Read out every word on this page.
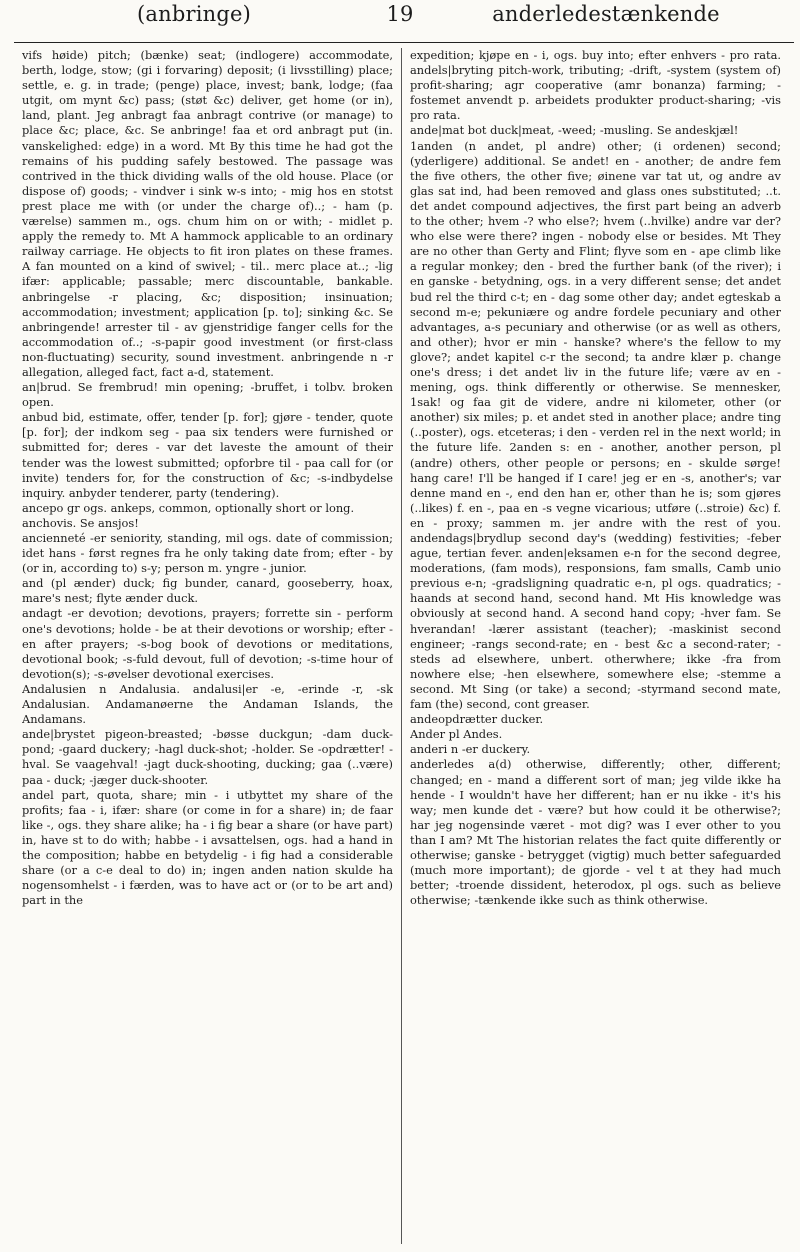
(anbringe)	19	anderledestænkende

vifs høide) pitch; (bænke) seat; (indlogere) accommodate, berth, lodge, stow; (gi i forvaring) deposit; (i livsstilling) place; settle, e. g. in trade; (penge) place, invest; bank, lodge; (faa utgit, om mynt &c) pass; (støt &c) deliver, get home (or in), land, plant. Jeg anbragt faa anbragt contrive (or manage) to place &c; place, &c. Se anbringe! faa et ord anbragt put (in. vanskelighed: edge) in a word. Mt By this time he had got the remains of his pudding safely bestowed. The passage was contrived in the thick dividing walls of the old house. Place (or dispose of) goods; - vindver i sink w-s into; - mig hos en stotst prest place me with (or under the charge of)..; - ham (p. værelse) sammen m., ogs. chum him on or with; - midlet p. apply the remedy to. Mt A hammock applicable to an ordinary railway carriage. He objects to fit iron plates on these frames. A fan mounted on a kind of swivel; - til.. merc place at..; -lig ifær: applicable; passable; merc discountable, bankable. anbringelse -r placing, &c; disposition; insinuation; accommodation; investment; application [p. to]; sinking &c. Se anbringende! arrester til - av gjenstridige fanger cells for the accommodation of..; -s-papir good investment (or first-class non-fluctuating) security, sound investment. anbringende n -r allegation, alleged fact, fact a-d, statement.

an|brud. Se frembrud! min opening; -bruffet, i tolbv. broken open.

anbud bid, estimate, offer, tender [p. for]; gjøre - tender, quote [p. for]; der indkom seg - paa six tenders were furnished or submitted for; deres - var det laveste the amount of their tender was the lowest submitted; opforbre til - paa call for (or invite) tenders for, for the construction of &c; -s-indbydelse inquiry. anbyder tenderer, party (tendering).

ancepo gr ogs. ankeps, common, optionally short or long.

anchovis. Se ansjos!

ancienneté -er seniority, standing, mil ogs. date of commission; idet hans - først regnes fra he only taking date from; efter - by (or in, according to) s-y; person m. yngre - junior.

and (pl ænder) duck; fig bunder, canard, gooseberry, hoax, mare's nest; flyte ænder duck.

andagt -er devotion; devotions, prayers; forrette sin - perform one's devotions; holde - be at their devotions or worship; efter -en after prayers; -s-bog book of devotions or meditations, devotional book; -s-fuld devout, full of devotion; -s-time hour of devotion(s); -s-øvelser devotional exercises.

Andalusien n Andalusia. andalusi|er -e, -erinde -r, -sk Andalusian. Andamanøerne the Andaman Islands, the Andamans.

ande|brystet pigeon-breasted; -bøsse duckgun; -dam duck-pond; -gaard duckery; -hagl duck-shot; -holder. Se -opdrætter! -hval. Se vaagehval! -jagt duck-shooting, ducking; gaa (..være) paa - duck; -jæger duck-shooter.

andel part, quota, share; min - i utbyttet my share of the profits; faa - i, ifær: share (or come in for a share) in; de faar like -, ogs. they share alike; ha - i fig bear a share (or have part) in, have st to do with; habbe - i avsattelsen, ogs. had a hand in the composition; habbe en betydelig - i fig had a considerable share (or a c-e deal to do) in; ingen anden nation skulde ha nogensomhelst - i færden, was to have act or (or to be art and) part in the

expedition; kjøpe en - i, ogs. buy into; efter enhvers - pro rata. andels|bryting pitch-work, tributing; -drift, -system (system of) profit-sharing; agr cooperative (amr bonanza) farming; -fostemet anvendt p. arbeidets produkter product-sharing; -vis pro rata.

ande|mat bot duck|meat, -weed; -musling. Se andeskjæl!

1anden (n andet, pl andre) other; (i ordenen) second; (yderligere) additional. Se andet! en - another; de andre fem the five others, the other five; øinene var tat ut, og andre av glas sat ind, had been removed and glass ones substituted; ..t. det andet compound adjectives, the first part being an adverb to the other; hvem -? who else?; hvem (..hvilke) andre var der? who else were there? ingen - nobody else or besides. Mt They are no other than Gerty and Flint; flyve som en - ape climb like a regular monkey; den - bred the further bank (of the river); i en ganske - betydning, ogs. in a very different sense; det andet bud rel the third c-t; en - dag some other day; andet egteskab a second m-e; pekuniære og andre fordele pecuniary and other advantages, a-s pecuniary and otherwise (or as well as others, and other); hvor er min - hanske? where's the fellow to my glove?; andet kapitel c-r the second; ta andre klær p. change one's dress; i det andet liv in the future life; være av en - mening, ogs. think differently or otherwise. Se mennesker, 1sak! og faa git de videre, andre ni kilometer, other (or another) six miles; p. et andet sted in another place; andre ting (..poster), ogs. etceteras; i den - verden rel in the next world; in the future life. 2anden s: en - another, another person, pl (andre) others, other people or persons; en - skulde sørge! hang care! I'll be hanged if I care! jeg er en -s, another's; var denne mand en -, end den han er, other than he is; som gjøres (..likes) f. en -, paa en -s vegne vicarious; utføre (..stroie) &c) f. en - proxy; sammen m. jer andre with the rest of you. andendags|brydlup second day's (wedding) festivities; -feber ague, tertian fever. anden|eksamen e-n for the second degree, moderations, (fam mods), responsions, fam smalls, Camb unio previous e-n; -gradsligning quadratic e-n, pl ogs. quadratics; -haands at second hand, second hand. Mt His knowledge was obviously at second hand. A second hand copy; -hver fam. Se hverandan! -lærer assistant (teacher); -maskinist second engineer; -rangs second-rate; en - best &c a second-rater; -steds ad elsewhere, unbert. otherwhere; ikke -fra from nowhere else; -hen elsewhere, somewhere else; -stemme a second. Mt Sing (or take) a second; -styrmand second mate, fam (the) second, cont greaser.

andeopdrætter ducker.

Ander pl Andes.

anderi n -er duckery.

anderledes a(d) otherwise, differently; other, different; changed; en - mand a different sort of man; jeg vilde ikke ha hende - I wouldn't have her different; han er nu ikke - it's his way; men kunde det - være? but how could it be otherwise?; har jeg nogensinde været - mot dig? was I ever other to you than I am? Mt The historian relates the fact quite differently or otherwise; ganske - betrygget (vigtig) much better safeguarded (much more important); de gjorde - vel t at they had much better; -troende dissident, heterodox, pl ogs. such as believe otherwise; -tænkende ikke such as think otherwise.
